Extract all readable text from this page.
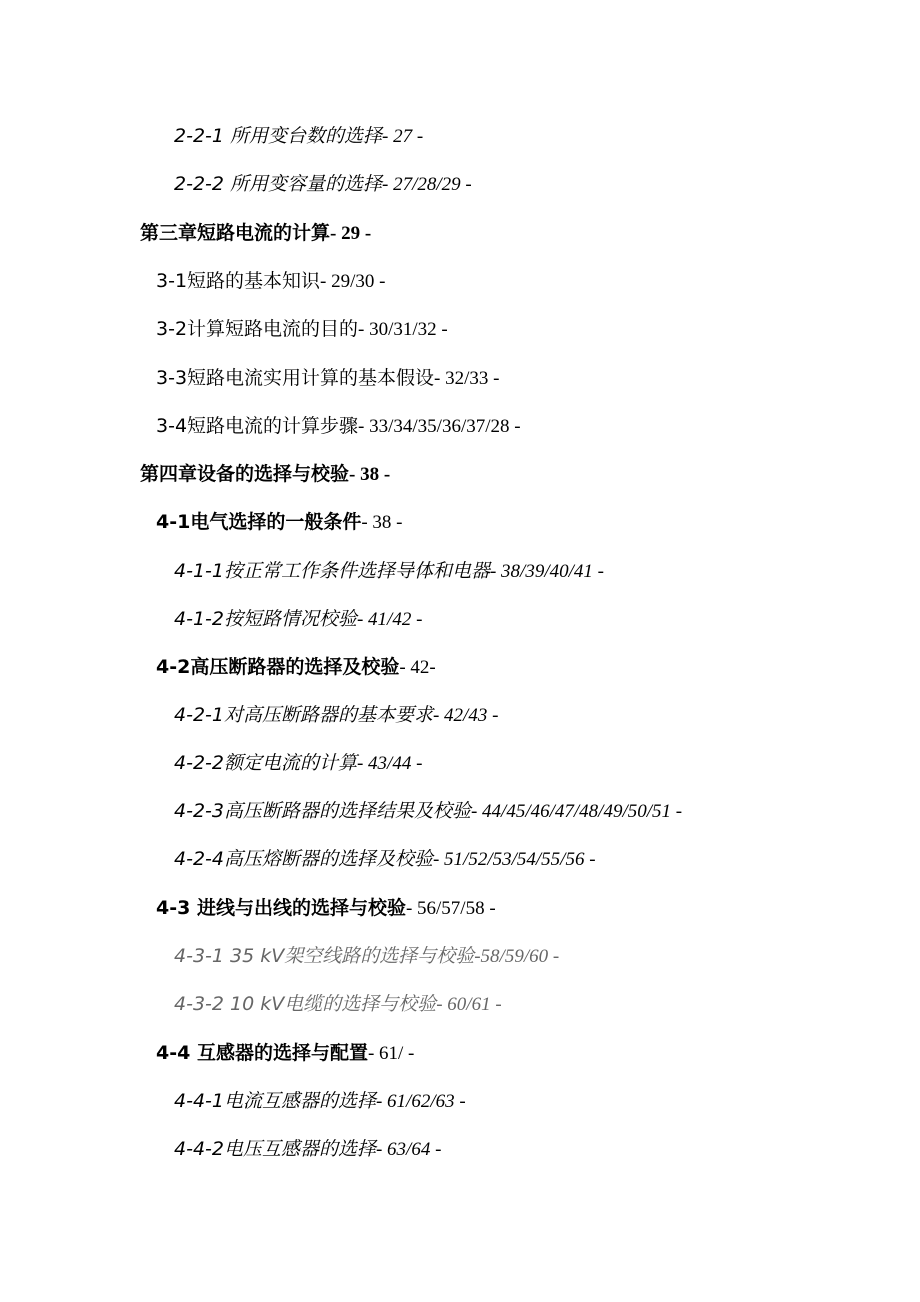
2-2-1 所用变台数的选择- 27 -
2-2-2 所用变容量的选择- 27/28/29 -
第三章短路电流的计算- 29 -
3-1短路的基本知识- 29/30 -
3-2计算短路电流的目的- 30/31/32 -
3-3短路电流实用计算的基本假设- 32/33 -
3-4短路电流的计算步骤- 33/34/35/36/37/28 -
第四章设备的选择与校验- 38 -
4-1电气选择的一般条件- 38 -
4-1-1按正常工作条件选择导体和电器- 38/39/40/41 -
4-1-2按短路情况校验- 41/42 -
4-2高压断路器的选择及校验- 42-
4-2-1对高压断路器的基本要求- 42/43 -
4-2-2额定电流的计算- 43/44 -
4-2-3高压断路器的选择结果及校验- 44/45/46/47/48/49/50/51 -
4-2-4高压熔断器的选择及校验- 51/52/53/54/55/56 -
4-3 进线与出线的选择与校验- 56/57/58 -
4-3-1 35 kV架空线路的选择与校验-58/59/60 -
4-3-2 10 kV电缆的选择与校验- 60/61 -
4-4 互感器的选择与配置- 61/ -
4-4-1电流互感器的选择- 61/62/63 -
4-4-2电压互感器的选择- 63/64 -
